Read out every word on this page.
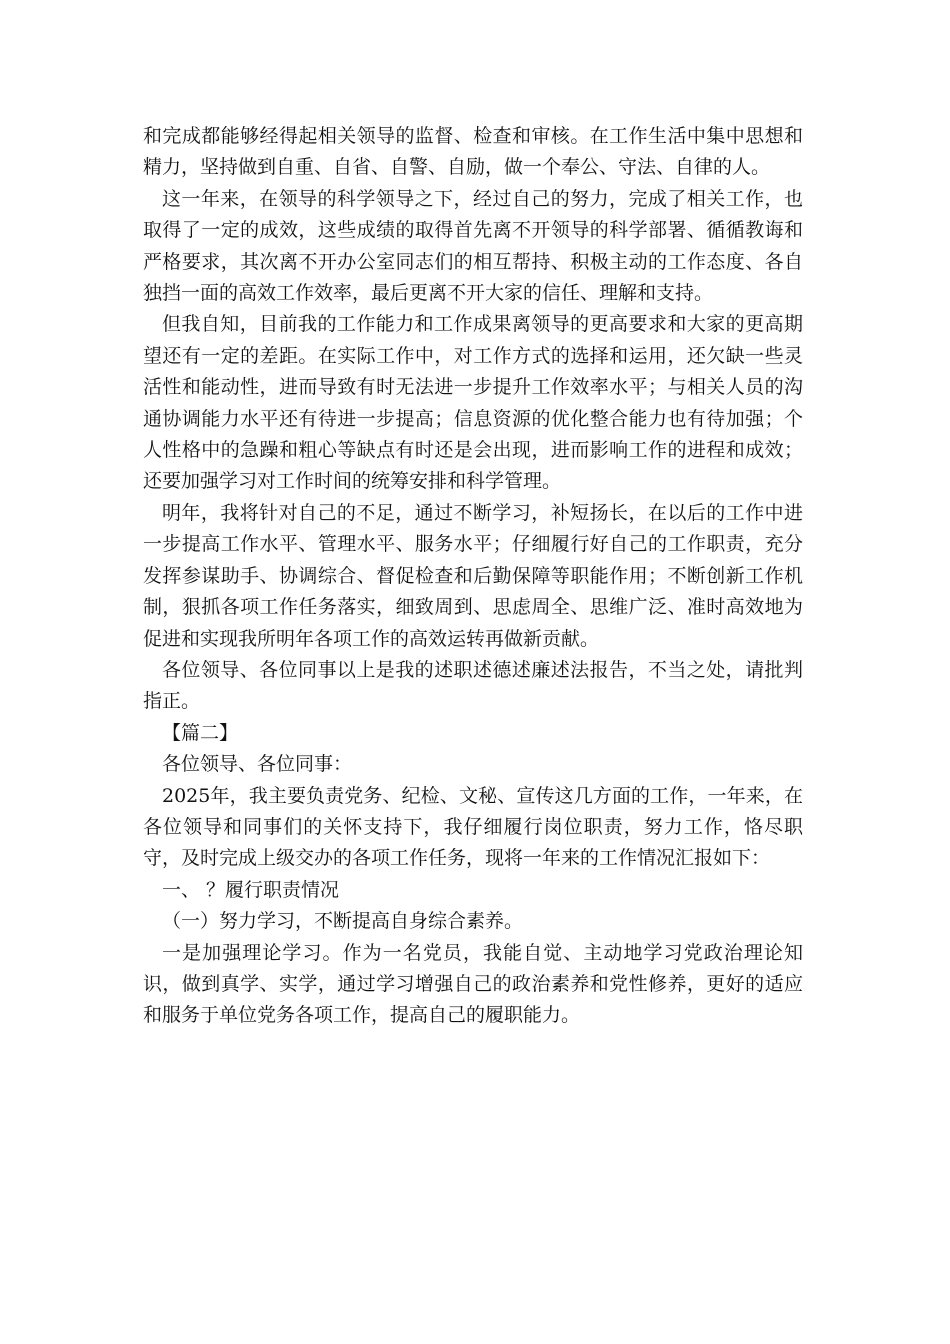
和完成都能够经得起相关领导的监督、检查和审核。在工作生活中集中思想和精力，坚持做到自重、自省、自警、自励，做一个奉公、守法、自律的人。

这一年来，在领导的科学领导之下，经过自己的努力，完成了相关工作，也取得了一定的成效，这些成绩的取得首先离不开领导的科学部署、循循教诲和严格要求，其次离不开办公室同志们的相互帮持、积极主动的工作态度、各自独挡一面的高效工作效率，最后更离不开大家的信任、理解和支持。

但我自知，目前我的工作能力和工作成果离领导的更高要求和大家的更高期望还有一定的差距。在实际工作中，对工作方式的选择和运用，还欠缺一些灵活性和能动性，进而导致有时无法进一步提升工作效率水平；与相关人员的沟通协调能力水平还有待进一步提高；信息资源的优化整合能力也有待加强；个人性格中的急躁和粗心等缺点有时还是会出现，进而影响工作的进程和成效；还要加强学习对工作时间的统筹安排和科学管理。

明年，我将针对自己的不足，通过不断学习，补短扬长，在以后的工作中进一步提高工作水平、管理水平、服务水平；仔细履行好自己的工作职责，充分发挥参谋助手、协调综合、督促检查和后勤保障等职能作用；不断创新工作机制，狠抓各项工作任务落实，细致周到、思虑周全、思维广泛、准时高效地为促进和实现我所明年各项工作的高效运转再做新贡献。

各位领导、各位同事以上是我的述职述德述廉述法报告，不当之处，请批判指正。

【篇二】

各位领导、各位同事：

2025年，我主要负责党务、纪检、文秘、宣传这几方面的工作，一年来，在各位领导和同事们的关怀支持下，我仔细履行岗位职责，努力工作，恪尽职守，及时完成上级交办的各项工作任务，现将一年来的工作情况汇报如下：

一、 ？履行职责情况

（一）努力学习，不断提高自身综合素养。

一是加强理论学习。作为一名党员，我能自觉、主动地学习党政治理论知识，做到真学、实学，通过学习增强自己的政治素养和党性修养，更好的适应和服务于单位党务各项工作，提高自己的履职能力。
